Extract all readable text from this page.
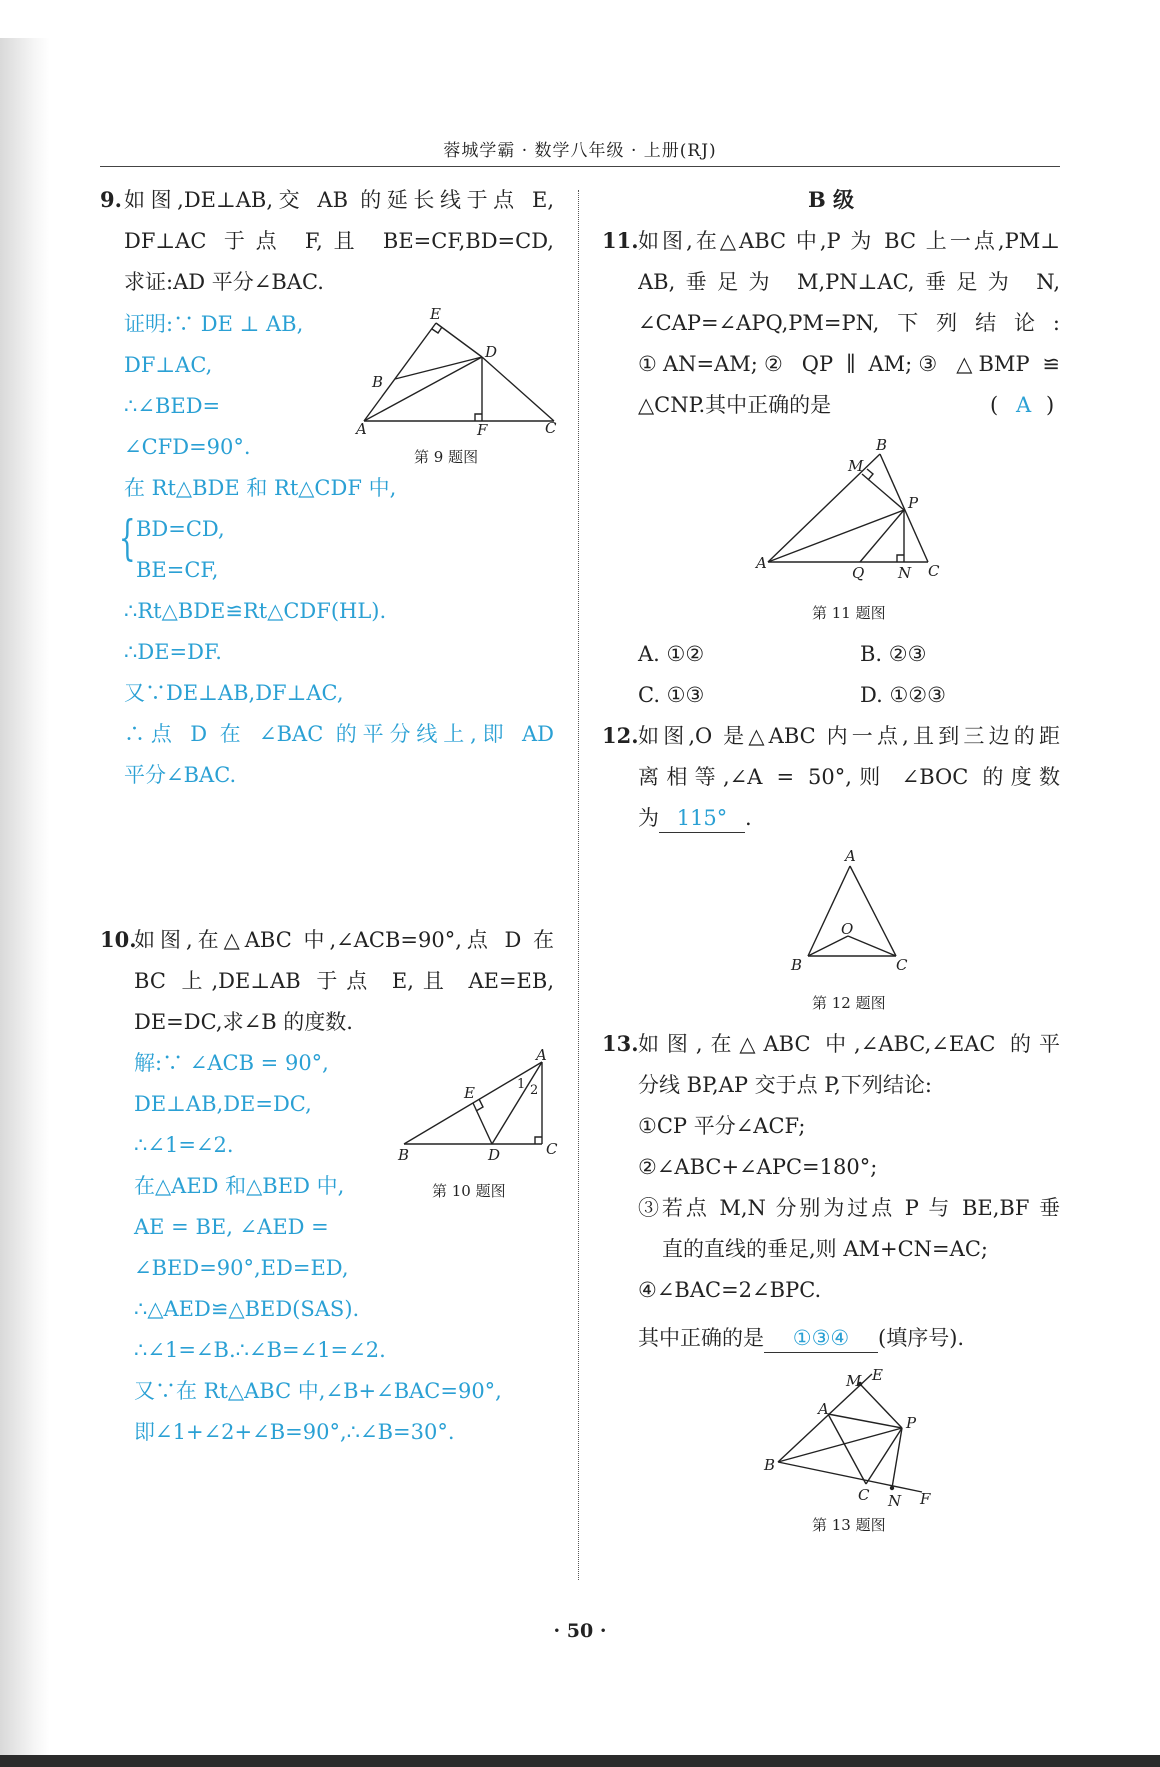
蓉城学霸 · 数学八年级 · 上册(RJ)
9. 如图,DE⊥AB,交 AB 的延长线于点 E,
DF⊥AC 于点 F,且 BE=CF,BD=CD,
求证:AD 平分∠BAC.
证明:∵ DE ⊥ AB,
DF⊥AC,
∴∠BED=
∠CFD=90°.
在 Rt△BDE 和 Rt△CDF 中,
{ BD=CD,
BE=CF,
∴Rt△BDE≌Rt△CDF(HL).
∴DE=DF.
又∵DE⊥AB,DF⊥AC,
∴点 D 在 ∠BAC 的平分线上,即 AD
平分∠BAC.
E
D
B
A	F	C
第 9 题图
10.
如图,在△ABC 中,∠ACB=90°,点 D 在
BC 上,DE⊥AB 于点 E,且 AE=EB,
DE=DC,求∠B 的度数.
解:∵ ∠ACB = 90°,
DE⊥AB,DE=DC,
∴∠1=∠2.
在△AED 和△BED 中,
AE = BE, ∠AED =
∠BED=90°,ED=ED,
∴△AED≌△BED(SAS).
∴∠1=∠B.∴∠B=∠1=∠2.
又∵在 Rt△ABC 中,∠B+∠BAC=90°,
即∠1+∠2+∠B=90°,∴∠B=30°.
A
E
B	D	C
1 2
第 10 题图
B 级
11. 如图,在△ABC 中,P 为 BC 上一点,PM⊥
AB,垂足为 M,PN⊥AC,垂足为 N,
∠CAP=∠APQ,PM=PN,下列结论:
①AN=AM;② QP ∥ AM;③ △BMP ≌
△CNP.其中正确的是	( A )
B
M
P
A
Q N C
第 11 题图
A. ①②	B. ②③
C. ①③	D. ①②③
12. 如图,O 是△ABC 内一点,且到三边的距
离相等,∠A = 50°,则 ∠BOC 的度数
为 115° .
A
O
B	C
第 12 题图
13. 如图,在△ABC 中,∠ABC,∠EAC 的平
分线 BP,AP 交于点 P,下列结论:
①CP 平分∠ACF;
②∠ABC+∠APC=180°;
③若点 M,N 分别为过点 P 与 BE,BF 垂
直的直线的垂足,则 AM+CN=AC;
④∠BAC=2∠BPC.
其中正确的是 ①③④ (填序号).
M E
A
P
B
C N F
第 13 题图
· 50 ·
